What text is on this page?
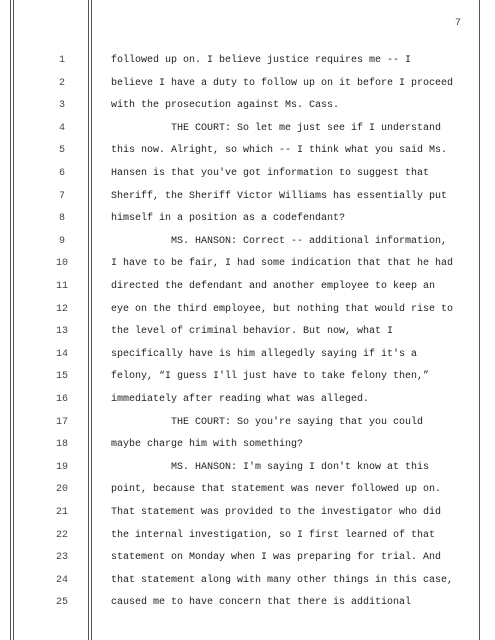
7
1	followed up on. I believe justice requires me -- I
2	believe I have a duty to follow up on it before I proceed
3	with the prosecution against Ms. Cass.
4	THE COURT: So let me just see if I understand
5	this now. Alright, so which -- I think what you said Ms.
6	Hansen is that you've got information to suggest that
7	Sheriff, the Sheriff Victor Williams has essentially put
8	himself in a position as a codefendant?
9	MS. HANSON: Correct -- additional information,
10	I have to be fair, I had some indication that that he had
11	directed the defendant and another employee to keep an
12	eye on the third employee, but nothing that would rise to
13	the level of criminal behavior. But now, what I
14	specifically have is him allegedly saying if it's a
15	felony, “I guess I'll just have to take felony then,”
16	immediately after reading what was alleged.
17	THE COURT: So you're saying that you could
18	maybe charge him with something?
19	MS. HANSON: I'm saying I don't know at this
20	point, because that statement was never followed up on.
21	That statement was provided to the investigator who did
22	the internal investigation, so I first learned of that
23	statement on Monday when I was preparing for trial. And
24	that statement along with many other things in this case,
25	caused me to have concern that there is additional
